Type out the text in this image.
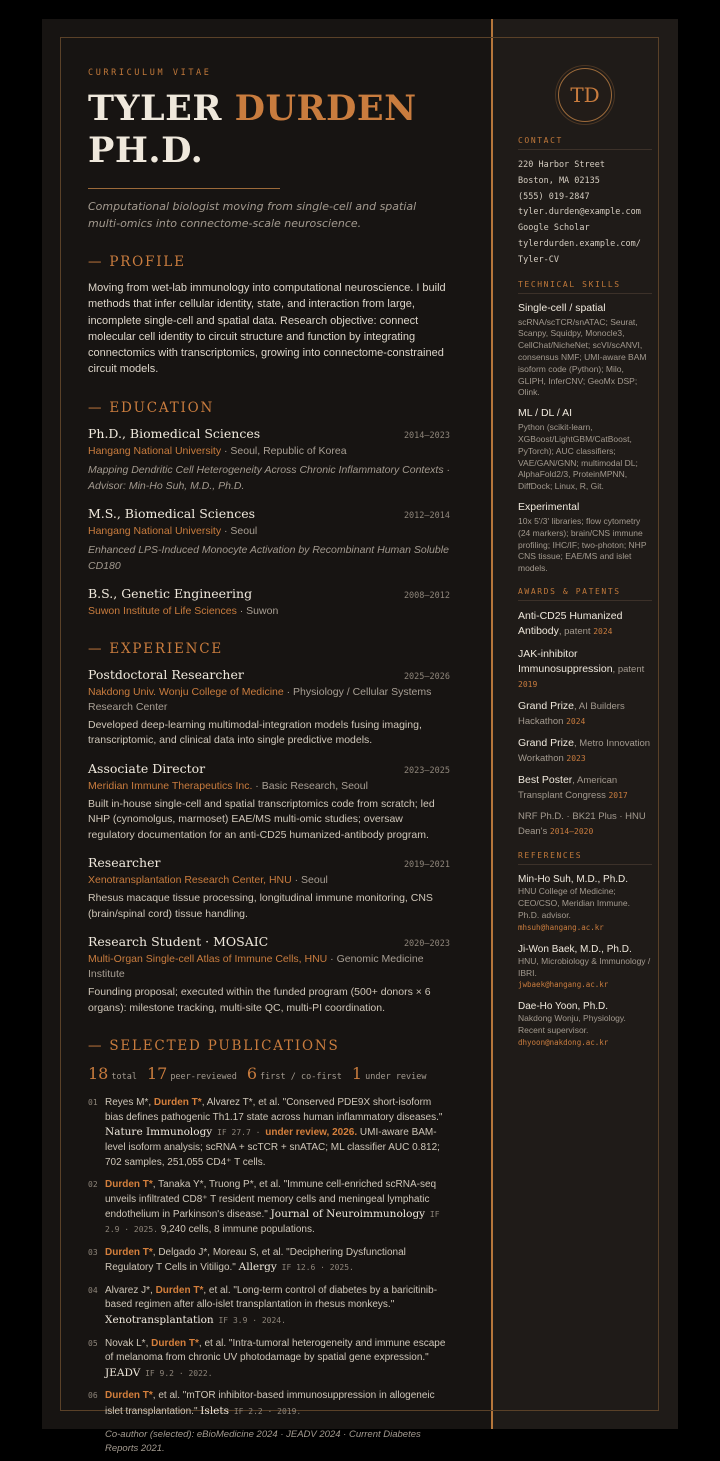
CURRICULUM VITAE

TYLER DURDEN
PH.D.

Computational biologist moving from single-cell and spatial multi-omics into connectome-scale neuroscience.

— PROFILE

Moving from wet-lab immunology into computational neuroscience. I build methods that infer cellular identity, state, and interaction from large, incomplete single-cell and spatial data. Research objective: connect molecular cell identity to circuit structure and function by integrating connectomics with transcriptomics, growing into connectome-constrained circuit models.

— EDUCATION
Ph.D., Biomedical Sciences	2014–2023
Hangang National University · Seoul, Republic of Korea
Mapping Dendritic Cell Heterogeneity Across Chronic Inflammatory Contexts · Advisor: Min-Ho Suh, M.D., Ph.D.
M.S., Biomedical Sciences	2012–2014
Hangang National University · Seoul
Enhanced LPS-Induced Monocyte Activation by Recombinant Human Soluble CD180
B.S., Genetic Engineering	2008–2012
Suwon Institute of Life Sciences · Suwon
— EXPERIENCE
Postdoctoral Researcher	2025–2026
Nakdong Univ. Wonju College of Medicine · Physiology / Cellular Systems Research Center
Developed deep-learning multimodal-integration models fusing imaging, transcriptomic, and clinical data into single predictive models.
Associate Director	2023–2025
Meridian Immune Therapeutics Inc. · Basic Research, Seoul
Built in-house single-cell and spatial transcriptomics code from scratch; led NHP (cynomolgus, marmoset) EAE/MS multi-omic studies; oversaw regulatory documentation for an anti-CD25 humanized-antibody program.
Researcher	2019–2021
Xenotransplantation Research Center, HNU · Seoul
Rhesus macaque tissue processing, longitudinal immune monitoring, CNS (brain/spinal cord) tissue handling.
Research Student · MOSAIC	2020–2023
Multi-Organ Single-cell Atlas of Immune Cells, HNU · Genomic Medicine Institute
Founding proposal; executed within the funded program (500+ donors × 6 organs): milestone tracking, multi-site QC, multi-PI coordination.
— SELECTED PUBLICATIONS
18 total 17 peer-reviewed 6 first / co-first 1 under review
01 Reyes M*, Durden T*, Alvarez T*, et al. "Conserved PDE9X short-isoform bias defines pathogenic Th1.17 state across human inflammatory diseases." Nature Immunology IF 27.7 · under review, 2026. UMI-aware BAM-level isoform analysis; scRNA + scTCR + snATAC; ML classifier AUC 0.812; 702 samples, 251,055 CD4⁺ T cells.
02 Durden T*, Tanaka Y*, Truong P*, et al. "Immune cell-enriched scRNA-seq unveils infiltrated CD8⁺ T resident memory cells and meningeal lymphatic endothelium in Parkinson's disease." Journal of Neuroimmunology IF 2.9 · 2025. 9,240 cells, 8 immune populations.
03 Durden T*, Delgado J*, Moreau S, et al. "Deciphering Dysfunctional Regulatory T Cells in Vitiligo." Allergy IF 12.6 · 2025.
04 Alvarez J*, Durden T*, et al. "Long-term control of diabetes by a baricitinib-based regimen after allo-islet transplantation in rhesus monkeys." Xenotransplantation IF 3.9 · 2024.
05 Novak L*, Durden T*, et al. "Intra-tumoral heterogeneity and immune escape of melanoma from chronic UV photodamage by spatial gene expression." JEADV IF 9.2 · 2022.
06 Durden T*, et al. "mTOR inhibitor-based immunosuppression in allogeneic islet transplantation." Islets IF 2.2 · 2019.
Co-author (selected): eBioMedicine 2024 · JEADV 2024 · Current Diabetes Reports 2021.
TD
CONTACT
220 Harbor Street
Boston, MA 02135
(555) 019-2847
tyler.durden@example.com
Google Scholar
tylerdurden.example.com/
Tyler-CV
TECHNICAL SKILLS
Single-cell / spatial
scRNA/scTCR/snATAC; Seurat, Scanpy, Squidpy, Monocle3, CellChat/NicheNet; scVI/scANVI, consensus NMF; UMI-aware BAM isoform code (Python); Milo, GLIPH, InferCNV; GeoMx DSP; Olink.
ML / DL / AI
Python (scikit-learn, XGBoost/LightGBM/CatBoost, PyTorch); AUC classifiers; VAE/GAN/GNN; multimodal DL; AlphaFold2/3, ProteinMPNN, DiffDock; Linux, R, Git.
Experimental
10x 5'/3' libraries; flow cytometry (24 markers); brain/CNS immune profiling; IHC/IF; two-photon; NHP CNS tissue; EAE/MS and islet models.
AWARDS & PATENTS
Anti-CD25 Humanized Antibody, patent 2024
JAK-inhibitor Immunosuppression, patent 2019
Grand Prize, AI Builders Hackathon 2024
Grand Prize, Metro Innovation Workathon 2023
Best Poster, American Transplant Congress 2017
NRF Ph.D. · BK21 Plus · HNU Dean's 2014–2020
REFERENCES
Min-Ho Suh, M.D., Ph.D.
HNU College of Medicine; CEO/CSO, Meridian Immune. Ph.D. advisor.
mhsuh@hangang.ac.kr
Ji-Won Baek, M.D., Ph.D.
HNU, Microbiology & Immunology / IBRI.
jwbaek@hangang.ac.kr
Dae-Ho Yoon, Ph.D.
Nakdong Wonju, Physiology. Recent supervisor.
dhyoon@nakdong.ac.kr
